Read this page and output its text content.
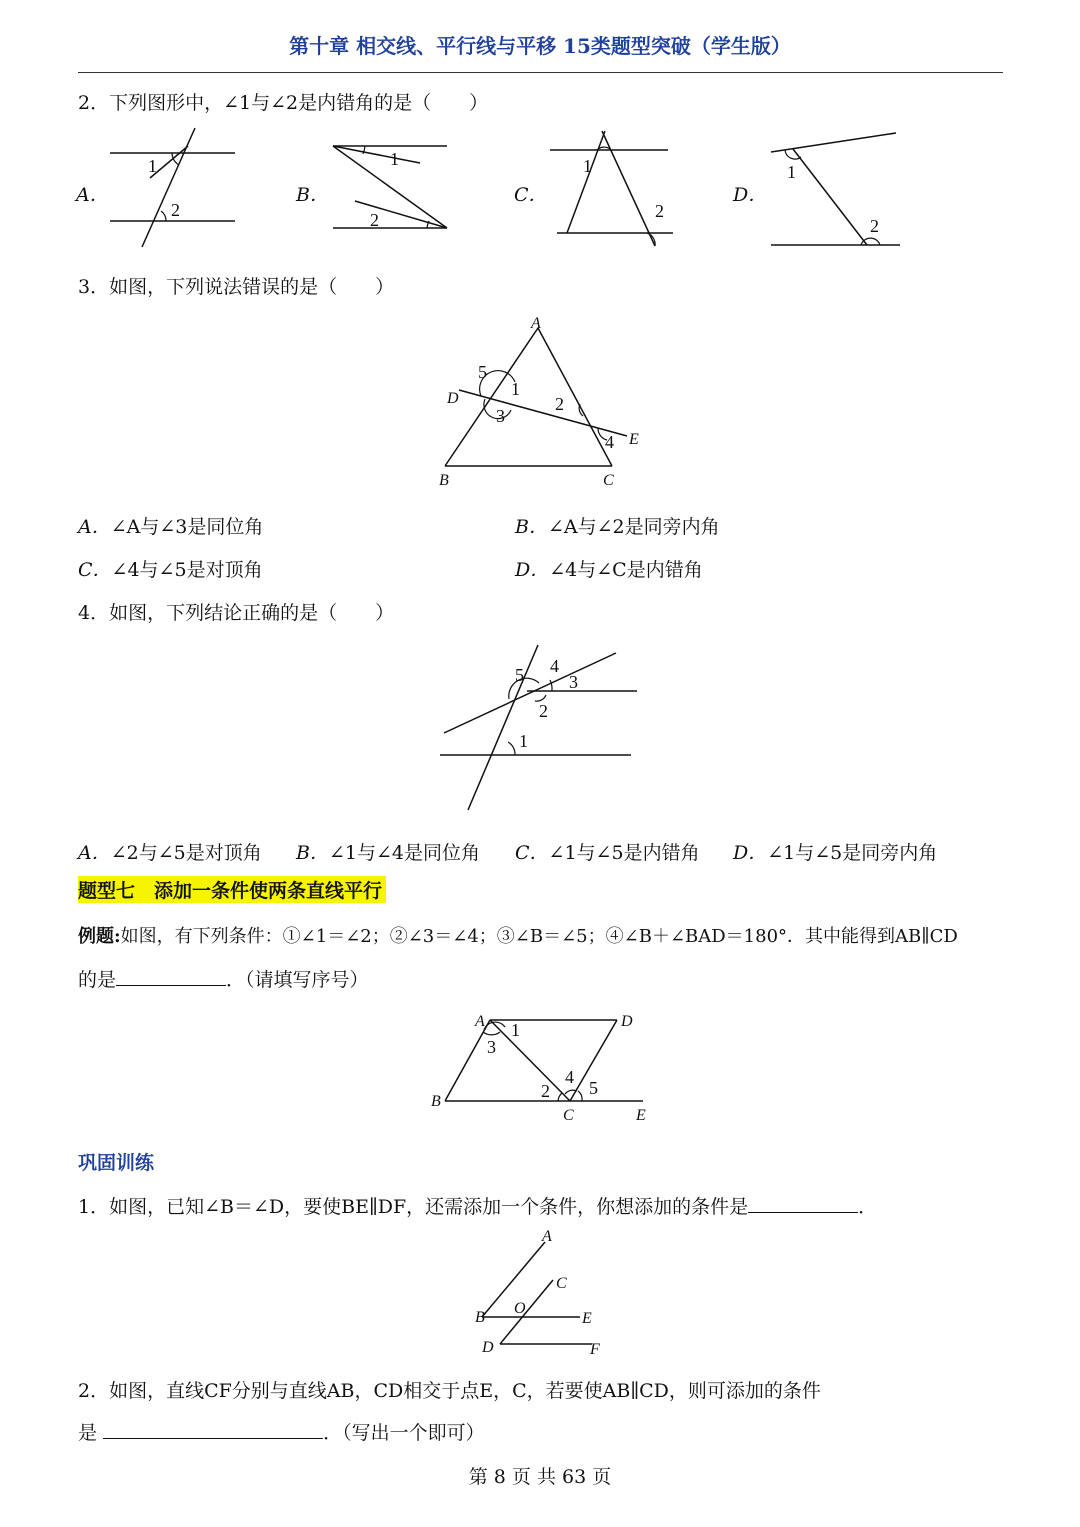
第十章 相交线、平行线与平移 15类题型突破（学生版）
2．下列图形中，∠1与∠2是内错角的是（　　）
A．
1
2
B．
1
2
C．
1
2
D．
1
2
3．如图，下列说法错误的是（　　）
A
B	C
D
E
1
2
3
4
5
A．∠A与∠3是同位角	B．∠A与∠2是同旁内角
C．∠4与∠5是对顶角	D．∠4与∠C是内错角
4．如图，下列结论正确的是（　　）
1
2
3
4
5
A．∠2与∠5是对顶角 B．∠1与∠4是同位角 C．∠1与∠5是内错角 D．∠1与∠5是同旁内角
题型七　添加一条件使两条直线平行
例题:如图，有下列条件：①∠1＝∠2；②∠3＝∠4；③∠B＝∠5；④∠B＋∠BAD＝180°．其中能得到AB∥CD
的是	．（请填写序号）
A	D
B
C	E
1
2
3
4
5
巩固训练
1．如图，已知∠B＝∠D，要使BE∥DF，还需添加一个条件，你想添加的条件是	．
A
C
B
O
E
D	F
2．如图，直线CF分别与直线AB，CD相交于点E，C，若要使AB∥CD，则可添加的条件
是	．（写出一个即可）
第 8 页 共 63 页
